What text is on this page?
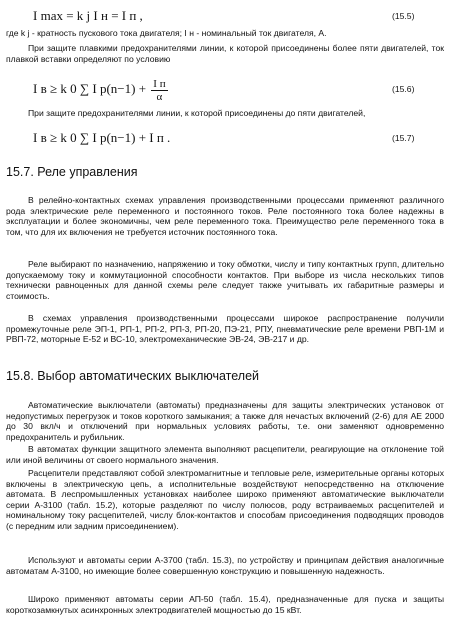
I max = k j I н = I п ,	(15.5)

где k j - кратность пускового тока двигателя; I н - номинальный ток двигателя, А.

При защите плавкими предохранителями линии, к которой присоединены более пяти двигателей, ток плавкой вставки определяют по условию

I в ≥ k 0 ∑ I $р(n-1) + \frac{\text{I п}}{\alpha}$	(15.6)

При защите предохранителями линии, к которой присоединены до пяти двигателей,

I в ≥ k 0 ∑ I р(n−1) + I п .	(15.7)
15.7. Реле управления

В релейно-контактных схемах управления производственными процессами применяют различного рода электрические реле переменного и постоянного токов. Реле постоянного тока более надежны в эксплуатации и более экономичны, чем реле переменного тока. Преимущество реле переменного тока в том, что для их включения не требуется источник постоянного тока.

Реле выбирают по назначению, напряжению и току обмотки, числу и типу контактных групп, длительно допускаемому току и коммутационной способности контактов. При выборе из числа нескольких типов технически равноценных для данной схемы реле следует также учитывать их габаритные размеры и стоимость.

В схемах управления производственными процессами широкое распространение получили промежуточные реле ЭП-1, РП-1, РП-2, РП-3, РП-20, ПЭ-21, РПУ, пневматические реле времени РВП-1М и РВП-72, моторные Е-52 и ВС-10, электромеханические ЭВ-24, ЭВ-217 и др.

15.8. Выбор автоматических выключателей

Автоматические выключатели (автоматы) предназначены для защиты электрических установок от недопустимых перегрузок и токов короткого замыкания; а также для нечастых включений (2-6) для АЕ 2000 до 30 вкл/ч и отключений при нормальных условиях работы, т.е. они заменяют одновременно предохранитель и рубильник.

В автоматах функции защитного элемента выполняют расцепители, реагирующие на отклонение той или иной величины от своего нормального значения.

Расцепители представляют собой электромагнитные и тепловые реле, измерительные органы которых включены в электрическую цепь, а исполнительные воздействуют непосредственно на отключение автомата. В леспромышленных установках наиболее широко применяют автоматические выключатели серии А-3100 (табл. 15.2), которые разделяют по числу полюсов, роду встраиваемых расцепителей и номинальному току расцепителей, числу блок-контактов и способам присоединения подводящих проводов (с передним или задним присоединением).

Используют и автоматы серии А-3700 (табл. 15.3), по устройству и принципам действия аналогичные автоматам А-3100, но имеющие более совершенную конструкцию и повышенную надежность.

Широко применяют автоматы серии АП-50 (табл. 15.4), предназначенные для пуска и защиты короткозамкнутых асинхронных электродвигателей мощностью до 15 кВт.
